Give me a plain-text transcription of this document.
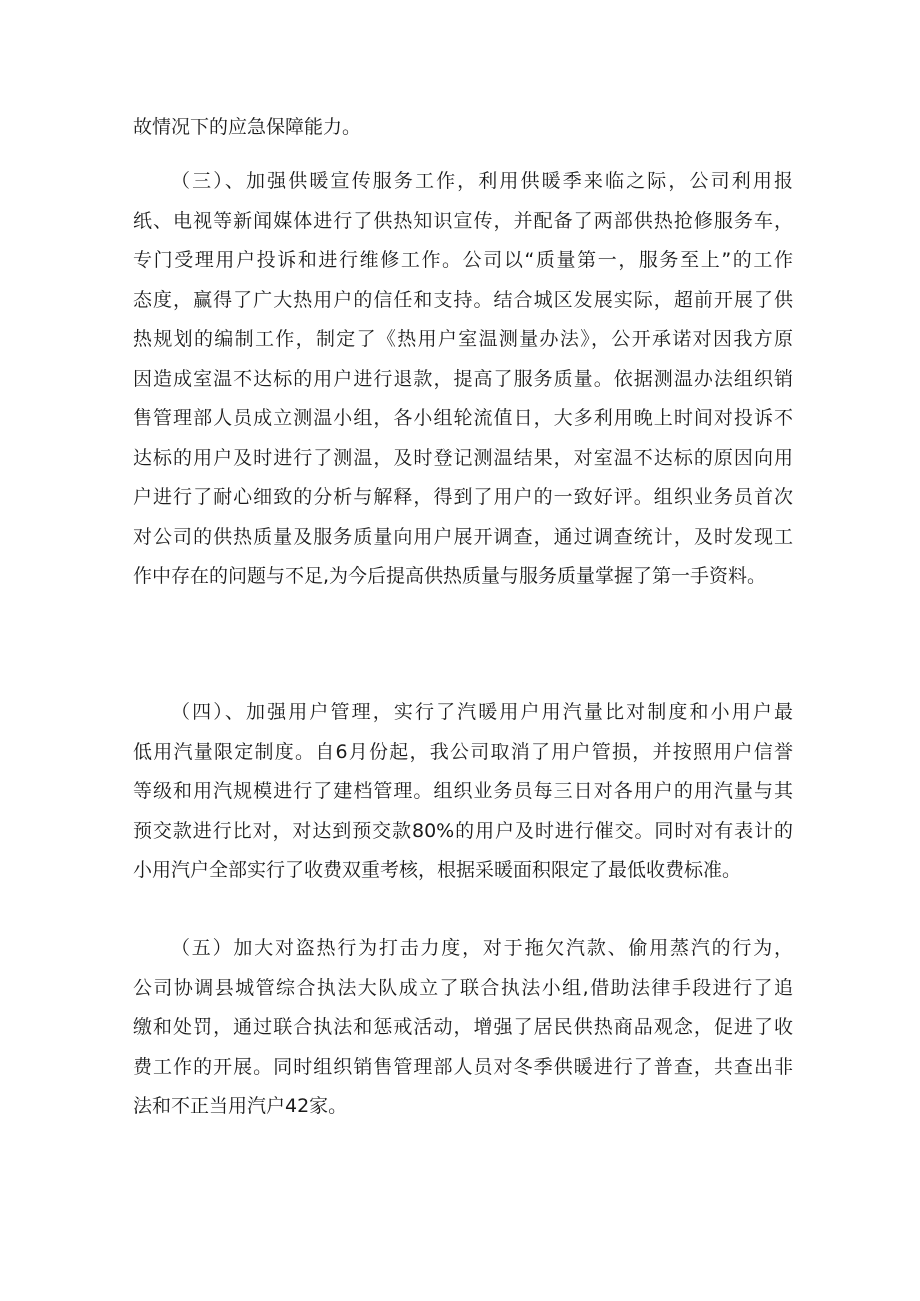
故情况下的应急保障能力。
（三）、加强供暖宣传服务工作，利用供暖季来临之际，公司利用报
纸、电视等新闻媒体进行了供热知识宣传，并配备了两部供热抢修服务车，
专门受理用户投诉和进行维修工作。公司以“质量第一，服务至上”的工作
态度，赢得了广大热用户的信任和支持。结合城区发展实际，超前开展了供
热规划的编制工作，制定了《热用户室温测量办法》，公开承诺对因我方原
因造成室温不达标的用户进行退款，提高了服务质量。依据测温办法组织销
售管理部人员成立测温小组，各小组轮流值日，大多利用晚上时间对投诉不
达标的用户及时进行了测温，及时登记测温结果，对室温不达标的原因向用
户进行了耐心细致的分析与解释，得到了用户的一致好评。组织业务员首次
对公司的供热质量及服务质量向用户展开调查，通过调查统计，及时发现工
作中存在的问题与不足,为今后提高供热质量与服务质量掌握了第一手资料。
（四）、加强用户管理，实行了汽暖用户用汽量比对制度和小用户最
低用汽量限定制度。自6月份起，我公司取消了用户管损，并按照用户信誉
等级和用汽规模进行了建档管理。组织业务员每三日对各用户的用汽量与其
预交款进行比对，对达到预交款80%的用户及时进行催交。同时对有表计的
小用汽户全部实行了收费双重考核，根据采暖面积限定了最低收费标准。
（五）加大对盗热行为打击力度，对于拖欠汽款、偷用蒸汽的行为，
公司协调县城管综合执法大队成立了联合执法小组,借助法律手段进行了追
缴和处罚，通过联合执法和惩戒活动，增强了居民供热商品观念，促进了收
费工作的开展。同时组织销售管理部人员对冬季供暖进行了普查，共查出非
法和不正当用汽户42家。
